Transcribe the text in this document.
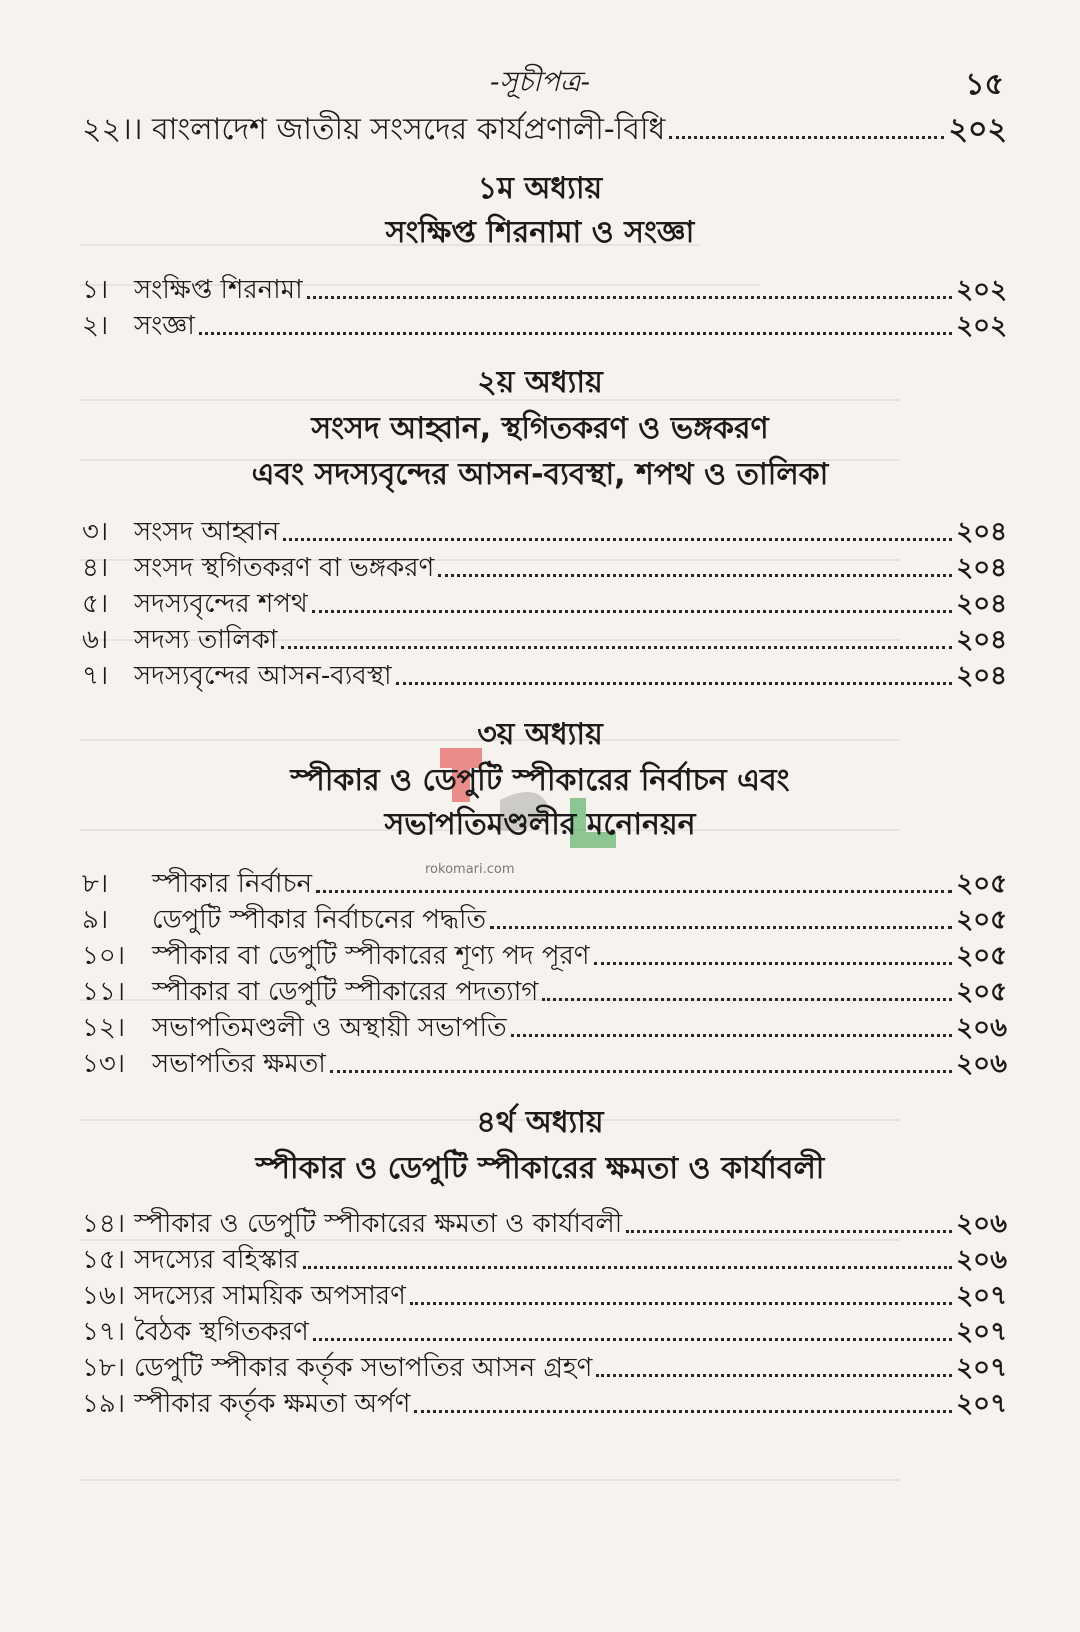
-সূচীপত্র-	১৫
২২।। বাংলাদেশ জাতীয় সংসদের কার্যপ্রণালী-বিধি	২০২
১ম অধ্যায়
সংক্ষিপ্ত শিরনামা ও সংজ্ঞা
১। সংক্ষিপ্ত শিরনামা	২০২
২। সংজ্ঞা	২০২
২য় অধ্যায়
সংসদ আহ্বান, স্থগিতকরণ ও ভঙ্গকরণ
এবং সদস্যবৃন্দের আসন-ব্যবস্থা, শপথ ও তালিকা
৩। সংসদ আহ্বান	২০৪
৪। সংসদ স্থগিতকরণ বা ভঙ্গকরণ	২০৪
৫। সদস্যবৃন্দের শপথ	২০৪
৬। সদস্য তালিকা	২০৪
৭। সদস্যবৃন্দের আসন-ব্যবস্থা	২০৪
rokomari.com
৩য় অধ্যায়
স্পীকার ও ডেপুটি স্পীকারের নির্বাচন এবং
সভাপতিমণ্ডলীর মনোনয়ন
৮।	স্পীকার নির্বাচন	২০৫
৯।	ডেপুটি স্পীকার নির্বাচনের পদ্ধতি	২০৫
১০।	স্পীকার বা ডেপুটি স্পীকারের শূণ্য পদ পূরণ	২০৫
১১।	স্পীকার বা ডেপুটি স্পীকারের পদত্যাগ	২০৫
১২।	সভাপতিমণ্ডলী ও অস্থায়ী সভাপতি	২০৬
১৩।	সভাপতির ক্ষমতা	২০৬
৪র্থ অধ্যায়
স্পীকার ও ডেপুটি স্পীকারের ক্ষমতা ও কার্যাবলী
১৪। স্পীকার ও ডেপুটি স্পীকারের ক্ষমতা ও কার্যাবলী	২০৬
১৫। সদস্যের বহিস্কার	২০৬
১৬। সদস্যের সাময়িক অপসারণ	২০৭
১৭। বৈঠক স্থগিতকরণ	২০৭
১৮। ডেপুটি স্পীকার কর্তৃক সভাপতির আসন গ্রহণ	২০৭
১৯। স্পীকার কর্তৃক ক্ষমতা অর্পণ	২০৭
